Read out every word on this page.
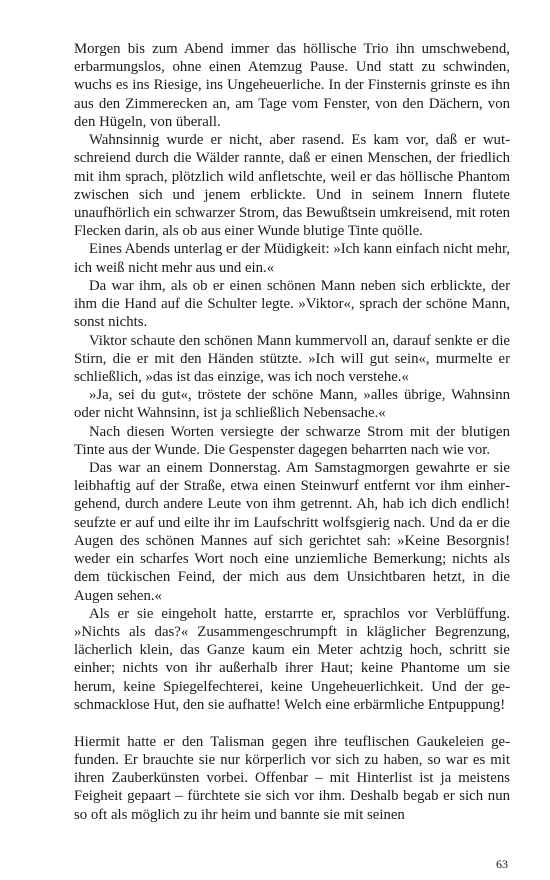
Morgen bis zum Abend immer das höllische Trio ihn umschwebend, erbarmungslos, ohne einen Atemzug Pause. Und statt zu schwinden, wuchs es ins Riesige, ins Ungeheuerliche. In der Finsternis grinste es ihn aus den Zimmerecken an, am Tage vom Fenster, von den Dächern, von den Hügeln, von überall.

Wahnsinnig wurde er nicht, aber rasend. Es kam vor, daß er wutschreiend durch die Wälder rannte, daß er einen Menschen, der friedlich mit ihm sprach, plötzlich wild anfletschte, weil er das höllische Phantom zwischen sich und jenem erblickte. Und in seinem Innern flutete unaufhörlich ein schwarzer Strom, das Bewußtsein umkreisend, mit roten Flecken darin, als ob aus einer Wunde blutige Tinte quölle.

Eines Abends unterlag er der Müdigkeit: »Ich kann einfach nicht mehr, ich weiß nicht mehr aus und ein.«

Da war ihm, als ob er einen schönen Mann neben sich erblickte, der ihm die Hand auf die Schulter legte. »Viktor«, sprach der schöne Mann, sonst nichts.

Viktor schaute den schönen Mann kummervoll an, darauf senkte er die Stirn, die er mit den Händen stützte. »Ich will gut sein«, murmelte er schließlich, »das ist das einzige, was ich noch verstehe.«

»Ja, sei du gut«, tröstete der schöne Mann, »alles übrige, Wahnsinn oder nicht Wahnsinn, ist ja schließlich Nebensache.«

Nach diesen Worten versiegte der schwarze Strom mit der blutigen Tinte aus der Wunde. Die Gespenster dagegen beharrten nach wie vor.

Das war an einem Donnerstag. Am Samstagmorgen gewahrte er sie leibhaftig auf der Straße, etwa einen Steinwurf entfernt vor ihm einhergehend, durch andere Leute von ihm getrennt. Ah, hab ich dich endlich! seufzte er auf und eilte ihr im Laufschritt wolfsgierig nach. Und da er die Augen des schönen Mannes auf sich gerichtet sah: »Keine Besorgnis! weder ein scharfes Wort noch eine unziemliche Bemerkung; nichts als dem tückischen Feind, der mich aus dem Unsichtbaren hetzt, in die Augen sehen.«

Als er sie eingeholt hatte, erstarrte er, sprachlos vor Verblüffung. »Nichts als das?« Zusammengeschrumpft in kläglicher Begrenzung, lächerlich klein, das Ganze kaum ein Meter achtzig hoch, schritt sie einher; nichts von ihr außerhalb ihrer Haut; keine Phantome um sie herum, keine Spiegelfechterei, keine Ungeheuerlichkeit. Und der geschmacklose Hut, den sie aufhatte! Welch eine erbärmliche Entpuppung!

Hiermit hatte er den Talisman gegen ihre teuflischen Gaukeleien gefunden. Er brauchte sie nur körperlich vor sich zu haben, so war es mit ihren Zauberkünsten vorbei. Offenbar – mit Hinterlist ist ja meistens Feigheit gepaart – fürchtete sie sich vor ihm. Deshalb begab er sich nun so oft als möglich zu ihr heim und bannte sie mit seinen

63
